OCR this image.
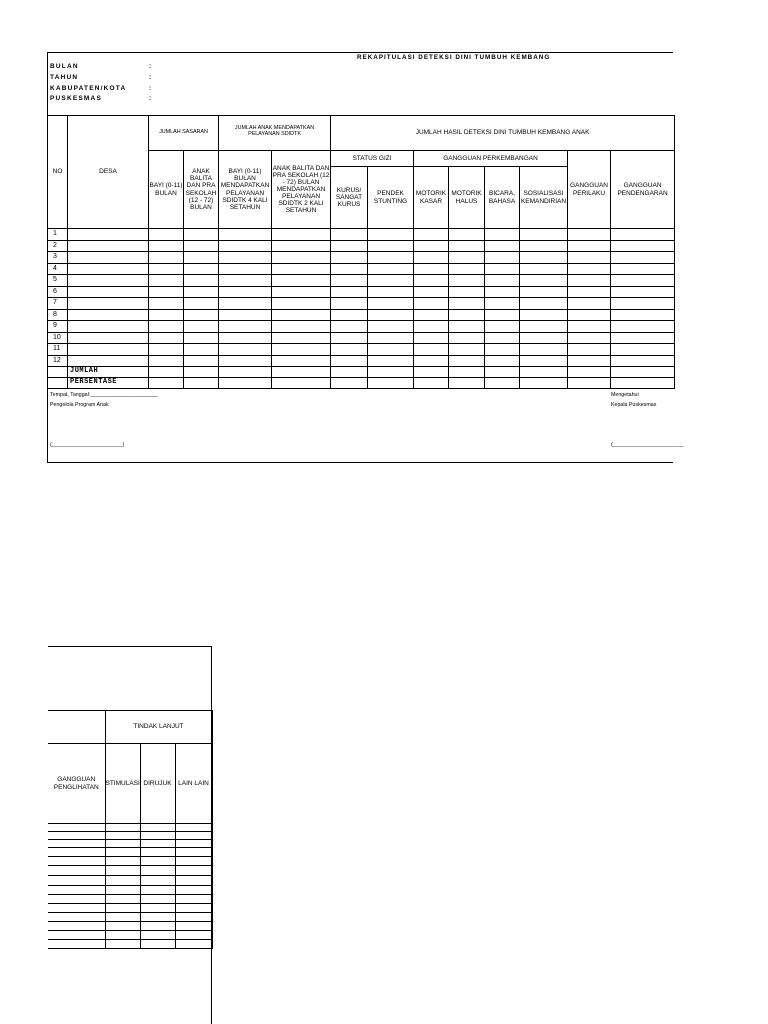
REKAPITULASI DETEKSI DINI TUMBUH KEMBANG
BULAN	:
TAHUN	:
KABUPATEN/KOTA	:
PUSKESMAS	:
NO	DESA	JUMLAH SASARAN		JUMLAH ANAK MENDAPATKAN PELAYANAN SDIDTK		JUMLAH HASIL DETEKSI DINI TUMBUH KEMBANG ANAK							
		BAYI (0-11) BULAN	ANAK BALITA DAN PRA SEKOLAH (12 - 72) BULAN	BAYI (0-11) BULAN MENDAPATKAN PELAYANAN SDIDTK 4 KALI SETAHUN	ANAK BALITA DAN PRA SEKOLAH (12 - 72) BULAN MENDAPATKAN PELAYANAN SDIDTK 2 KALI SETAHUN	STATUS GIZI		GANGGUAN PERKEMBANGAN				GANGGUAN PERILAKU	GANGGUAN PENDENGARAN
						KURUS/ SANGAT KURUS	PENDEK STUNTING	MOTORIK KASAR	MOTORIK HALUS	BICARA, BAHASA	SOSIALISASI KEMANDIRIAN		
1													
2													
3													
4													
5													
6													
7													
8													
9													
10													
11													
12													
	JUMLAH												
	PERSENTASE												
Tempat, Tanggal:_______________________
Pengelola Program Anak
(________________________)
Mengetahui
Kepala Puskesmas
(________________________
	TINDAK LANJUT		
GANGGUAN PENGLIHATAN	STIMULASI	DIRUJUK	LAIN LAIN
